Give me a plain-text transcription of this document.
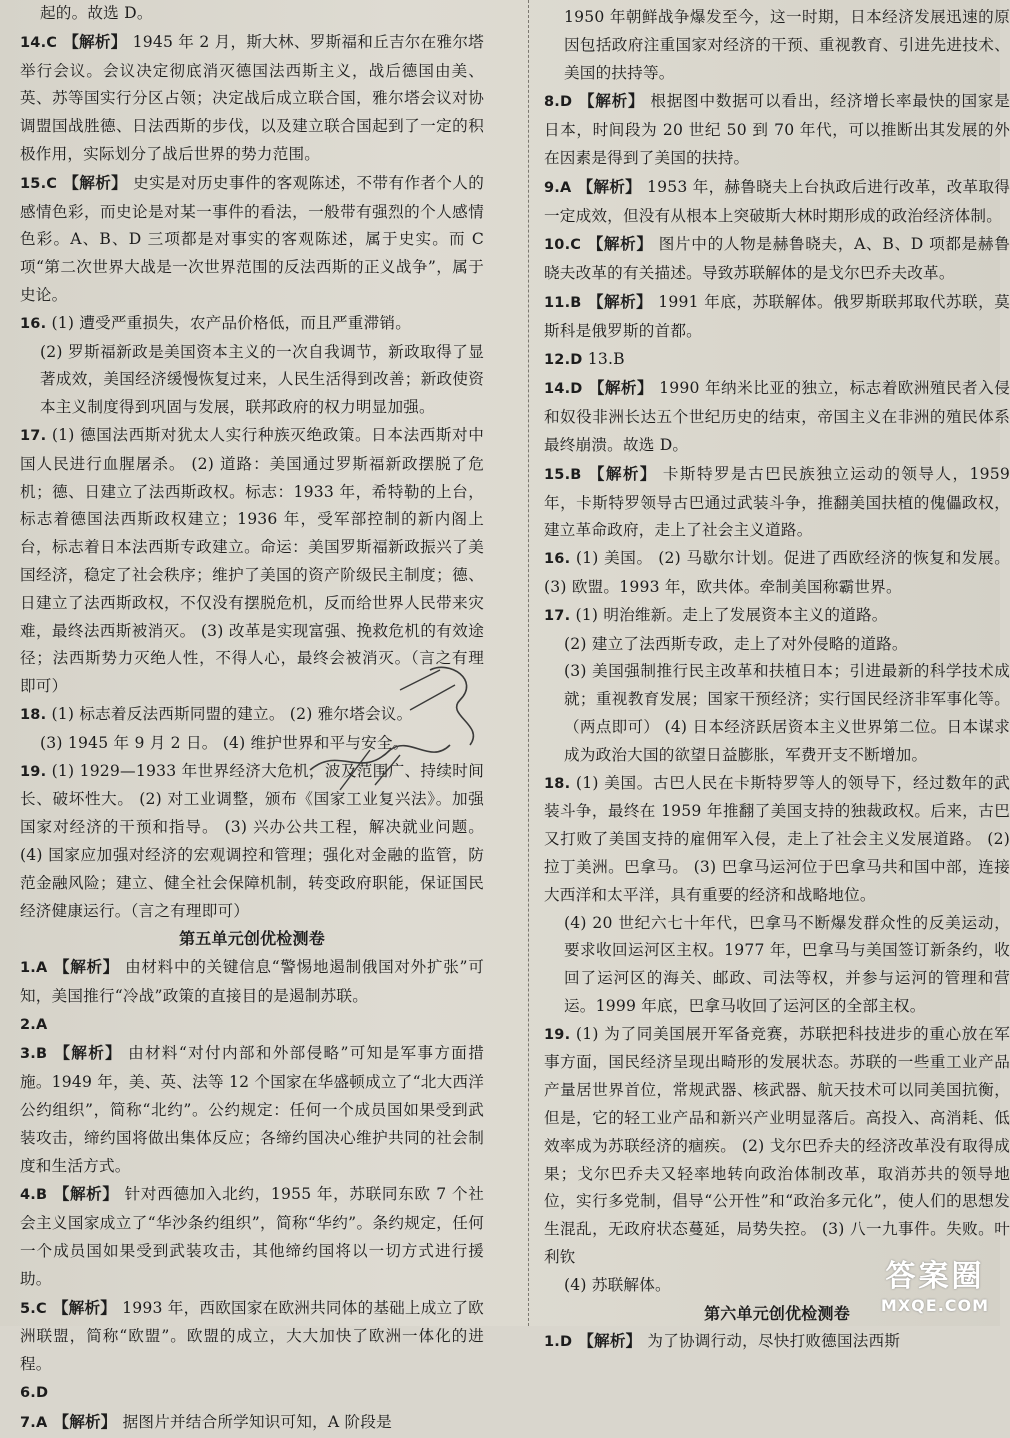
起的。故选 D。

14.C 【解析】 1945 年 2 月，斯大林、罗斯福和丘吉尔在雅尔塔举行会议。会议决定彻底消灭德国法西斯主义，战后德国由美、英、苏等国实行分区占领；决定战后成立联合国，雅尔塔会议对协调盟国战胜德、日法西斯的步伐，以及建立联合国起到了一定的积极作用，实际划分了战后世界的势力范围。

15.C 【解析】 史实是对历史事件的客观陈述，不带有作者个人的感情色彩，而史论是对某一事件的看法，一般带有强烈的个人感情色彩。A、B、D 三项都是对事实的客观陈述，属于史实。而 C 项“第二次世界大战是一次世界范围的反法西斯的正义战争”，属于史论。

16. (1) 遭受严重损失，农产品价格低，而且严重滞销。

(2) 罗斯福新政是美国资本主义的一次自我调节，新政取得了显著成效，美国经济缓慢恢复过来，人民生活得到改善；新政使资本主义制度得到巩固与发展，联邦政府的权力明显加强。

17. (1) 德国法西斯对犹太人实行种族灭绝政策。日本法西斯对中国人民进行血腥屠杀。 (2) 道路：美国通过罗斯福新政摆脱了危机；德、日建立了法西斯政权。标志：1933 年，希特勒的上台，标志着德国法西斯政权建立；1936 年，受军部控制的新内阁上台，标志着日本法西斯专政建立。命运：美国罗斯福新政振兴了美国经济，稳定了社会秩序；维护了美国的资产阶级民主制度；德、日建立了法西斯政权，不仅没有摆脱危机，反而给世界人民带来灾难，最终法西斯被消灭。 (3) 改革是实现富强、挽救危机的有效途径；法西斯势力灭绝人性，不得人心，最终会被消灭。（言之有理即可）

18. (1) 标志着反法西斯同盟的建立。 (2) 雅尔塔会议。

(3) 1945 年 9 月 2 日。 (4) 维护世界和平与安全。

19. (1) 1929—1933 年世界经济大危机，波及范围广、持续时间长、破坏性大。 (2) 对工业调整，颁布《国家工业复兴法》。加强国家对经济的干预和指导。 (3) 兴办公共工程，解决就业问题。 (4) 国家应加强对经济的宏观调控和管理；强化对金融的监管，防范金融风险；建立、健全社会保障机制，转变政府职能，保证国民经济健康运行。（言之有理即可）

第五单元创优检测卷

1.A 【解析】 由材料中的关键信息“警惕地遏制俄国对外扩张”可知，美国推行“冷战”政策的直接目的是遏制苏联。

2.A

3.B 【解析】 由材料“对付内部和外部侵略”可知是军事方面措施。1949 年，美、英、法等 12 个国家在华盛顿成立了“北大西洋公约组织”，简称“北约”。公约规定：任何一个成员国如果受到武装攻击，缔约国将做出集体反应；各缔约国决心维护共同的社会制度和生活方式。

4.B 【解析】 针对西德加入北约，1955 年，苏联同东欧 7 个社会主义国家成立了“华沙条约组织”，简称“华约”。条约规定，任何一个成员国如果受到武装攻击，其他缔约国将以一切方式进行援助。

5.C 【解析】 1993 年，西欧国家在欧洲共同体的基础上成立了欧洲联盟，简称“欧盟”。欧盟的成立，大大加快了欧洲一体化的进程。

6.D

7.A 【解析】 据图片并结合所学知识可知，A 阶段是

1950 年朝鲜战争爆发至今，这一时期，日本经济发展迅速的原因包括政府注重国家对经济的干预、重视教育、引进先进技术、美国的扶持等。

8.D 【解析】 根据图中数据可以看出，经济增长率最快的国家是日本，时间段为 20 世纪 50 到 70 年代，可以推断出其发展的外在因素是得到了美国的扶持。

9.A 【解析】 1953 年，赫鲁晓夫上台执政后进行改革，改革取得一定成效，但没有从根本上突破斯大林时期形成的政治经济体制。

10.C 【解析】 图片中的人物是赫鲁晓夫，A、B、D 项都是赫鲁晓夫改革的有关描述。导致苏联解体的是戈尔巴乔夫改革。

11.B 【解析】 1991 年底，苏联解体。俄罗斯联邦取代苏联，莫斯科是俄罗斯的首都。

12.D 13.B

14.D 【解析】 1990 年纳米比亚的独立，标志着欧洲殖民者入侵和奴役非洲长达五个世纪历史的结束，帝国主义在非洲的殖民体系最终崩溃。故选 D。

15.B 【解析】 卡斯特罗是古巴民族独立运动的领导人，1959 年，卡斯特罗领导古巴通过武装斗争，推翻美国扶植的傀儡政权，建立革命政府，走上了社会主义道路。

16. (1) 美国。 (2) 马歇尔计划。促进了西欧经济的恢复和发展。 (3) 欧盟。1993 年，欧共体。牵制美国称霸世界。

17. (1) 明治维新。走上了发展资本主义的道路。

(2) 建立了法西斯专政，走上了对外侵略的道路。

(3) 美国强制推行民主改革和扶植日本；引进最新的科学技术成就；重视教育发展；国家干预经济；实行国民经济非军事化等。（两点即可） (4) 日本经济跃居资本主义世界第二位。日本谋求成为政治大国的欲望日益膨胀，军费开支不断增加。

18. (1) 美国。古巴人民在卡斯特罗等人的领导下，经过数年的武装斗争，最终在 1959 年推翻了美国支持的独裁政权。后来，古巴又打败了美国支持的雇佣军入侵，走上了社会主义发展道路。 (2) 拉丁美洲。巴拿马。 (3) 巴拿马运河位于巴拿马共和国中部，连接大西洋和太平洋，具有重要的经济和战略地位。

(4) 20 世纪六七十年代，巴拿马不断爆发群众性的反美运动，要求收回运河区主权。1977 年，巴拿马与美国签订新条约，收回了运河区的海关、邮政、司法等权，并参与运河的管理和营运。1999 年底，巴拿马收回了运河区的全部主权。

19. (1) 为了同美国展开军备竞赛，苏联把科技进步的重心放在军事方面，国民经济呈现出畸形的发展状态。苏联的一些重工业产品产量居世界首位，常规武器、核武器、航天技术可以同美国抗衡，但是，它的轻工业产品和新兴产业明显落后。高投入、高消耗、低效率成为苏联经济的痼疾。 (2) 戈尔巴乔夫的经济改革没有取得成果；戈尔巴乔夫又轻率地转向政治体制改革，取消苏共的领导地位，实行多党制，倡导“公开性”和“政治多元化”，使人们的思想发生混乱，无政府状态蔓延，局势失控。 (3) 八一九事件。失败。叶利钦

(4) 苏联解体。

第六单元创优检测卷

1.D 【解析】 为了协调行动，尽快打败德国法西斯

答案圈
MXQE.COM
